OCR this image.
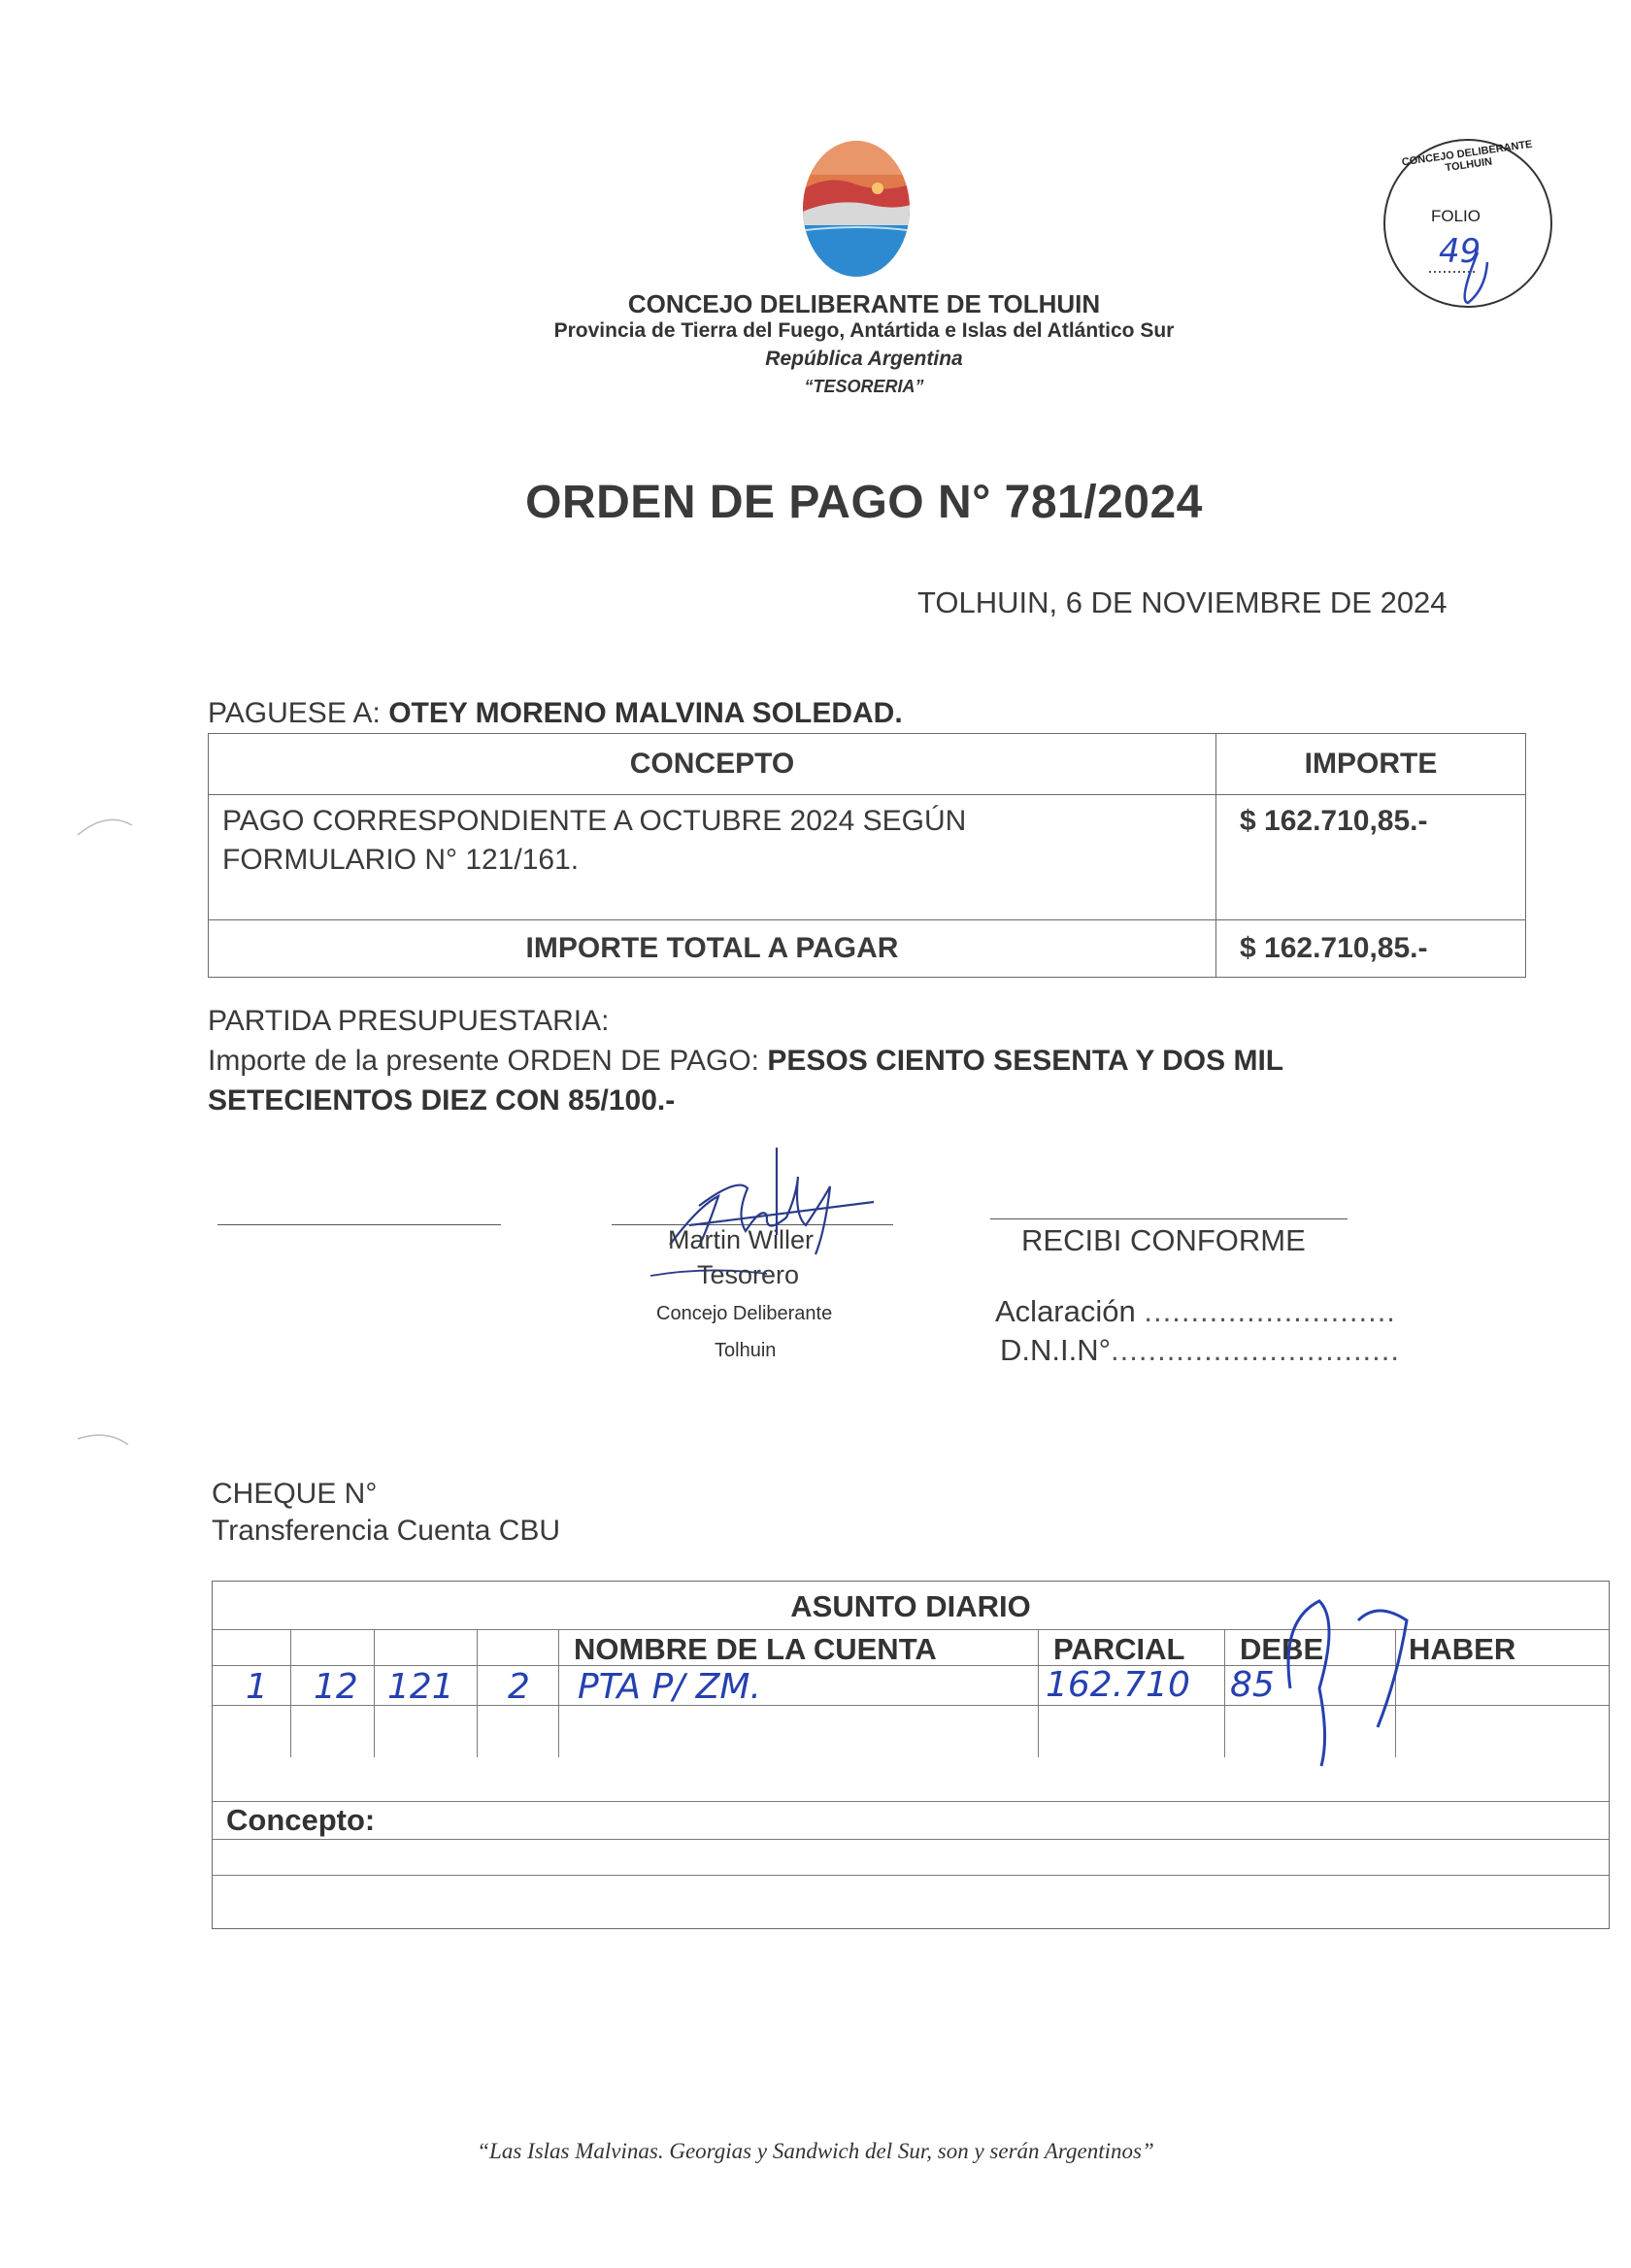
CONCEJO DELIBERANTE DE TOLHUIN
Provincia de Tierra del Fuego, Antártida e Islas del Atlántico Sur
República Argentina
“TESORERIA”
FOLIO
49
CONCEJO DELIBERANTE TOLHUIN
ORDEN DE PAGO N° 781/2024
TOLHUIN, 6 DE NOVIEMBRE DE 2024
PAGUESE A: OTEY MORENO MALVINA SOLEDAD.
CONCEPTO	IMPORTE

PAGO CORRESPONDIENTE A OCTUBRE 2024 SEGÚN
FORMULARIO N° 121/161.	$ 162.710,85.-
IMPORTE TOTAL A PAGAR	$ 162.710,85.-
PARTIDA PRESUPUESTARIA:
Importe de la presente ORDEN DE PAGO: PESOS CIENTO SESENTA Y DOS MIL
SETECIENTOS DIEZ CON 85/100.-
Martin Willer
Tesorero
Concejo Deliberante
Tolhuin
RECIBI CONFORME
Aclaración ...........................
D.N.I.N°...............................
CHEQUE N°
Transferencia Cuenta CBU
ASUNTO DIARIO
NOMBRE DE LA CUENTA	PARCIAL DEBE	HABER
1 12 121 2 PTA P/ ZM.	162.710 85
Concepto:
“Las Islas Malvinas. Georgias y Sandwich del Sur, son y serán Argentinos”
